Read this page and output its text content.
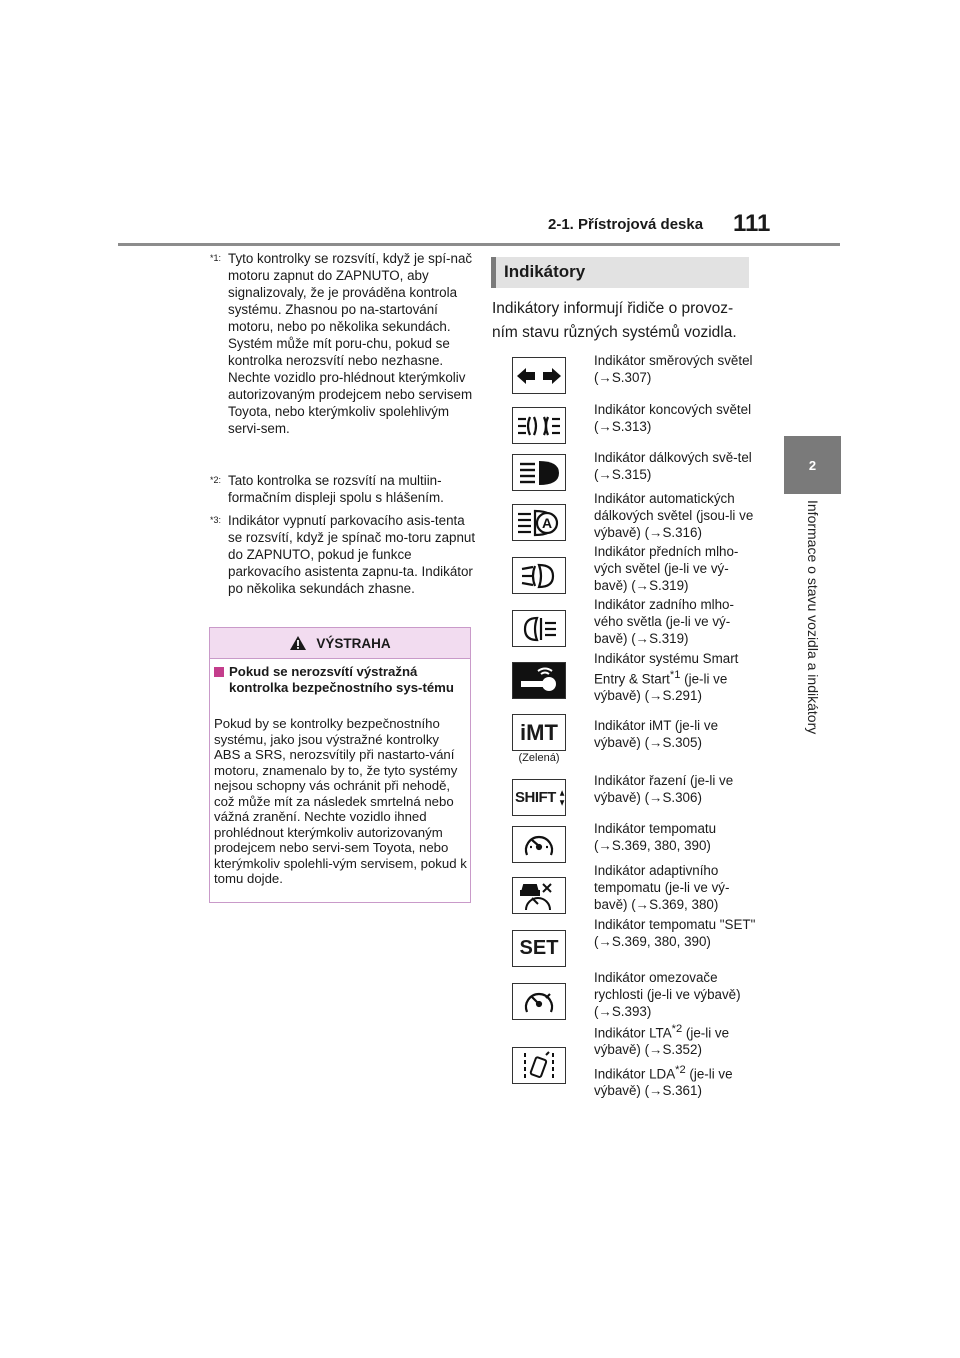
2-1. Přístrojová deska 111
2
Informace o stavu vozidla a indikátory
$^{*1:}$ Tyto kontrolky se rozsvítí, když je spí-nač motoru zapnut do ZAPNUTO, aby signalizovaly, že je prováděna kontrola systému. Zhasnou po na-startování motoru, nebo po několika sekundách. Systém může mít poru-chu, pokud se kontrolka nerozsvítí nebo nezhasne. Nechte vozidlo pro-hlédnout kterýmkoliv autorizovaným prodejcem nebo servisem Toyota, nebo kterýmkoliv spolehlivým servi-sem.
$^{*2:}$ Tato kontrolka se rozsvítí na multiin-formačním displeji spolu s hlášením.
$^{*3:}$ Indikátor vypnutí parkovacího asis-tenta se rozsvítí, když je spínač mo-toru zapnut do ZAPNUTO, pokud je funkce parkovacího asistenta zapnu-ta. Indikátor po několika sekundách zhasne.
VÝSTRAHA
Pokud se nerozsvítí výstražná kontrolka bezpečnostního sys-tému
Pokud by se kontrolky bezpečnostního systému, jako jsou výstražné kontrolky ABS a SRS, nerozsvítily při nastarto-vání motoru, znamenalo by to, že tyto systémy nejsou schopny vás ochránit při nehodě, což může mít za následek smrtelná nebo vážná zranění. Nechte vozidlo ihned prohlédnout kterýmkoliv autorizovaným prodejcem nebo servi-sem Toyota, nebo kterýmkoliv spolehli-vým servisem, pokud k tomu dojde.
Indikátory
Indikátory informují řidiče o provoz-ním stavu různých systémů vozidla.
Indikátor směrových světel (→S.307)
Indikátor koncových světel (→S.313)
Indikátor dálkových svě-tel (→S.315)
A
Indikátor automatických dálkových světel (jsou-li ve výbavě) (→S.316)
Indikátor předních mlho-vých světel (je-li ve vý-bavě) (→S.319)
Indikátor zadního mlho-vého světla (je-li ve vý-bavě) (→S.319)
Indikátor systému Smart Entry & Start$^{*1}$ (je-li ve výbavě) (→S.291)
iMT
(Zelená)
Indikátor iMT (je-li ve výbavě) (→S.305)
SHIFT
Indikátor řazení (je-li ve výbavě) (→S.306)
Indikátor tempomatu (→S.369, 380, 390)
Indikátor adaptivního tempomatu (je-li ve vý-bavě) (→S.369, 380)
SET
Indikátor tempomatu "SET" (→S.369, 380, 390)
Indikátor omezovače rychlosti (je-li ve výbavě) (→S.393)
Indikátor LTA$^{*2}$ (je-li ve výbavě) (→S.352)
Indikátor LDA$^{*2}$ (je-li ve výbavě) (→S.361)
